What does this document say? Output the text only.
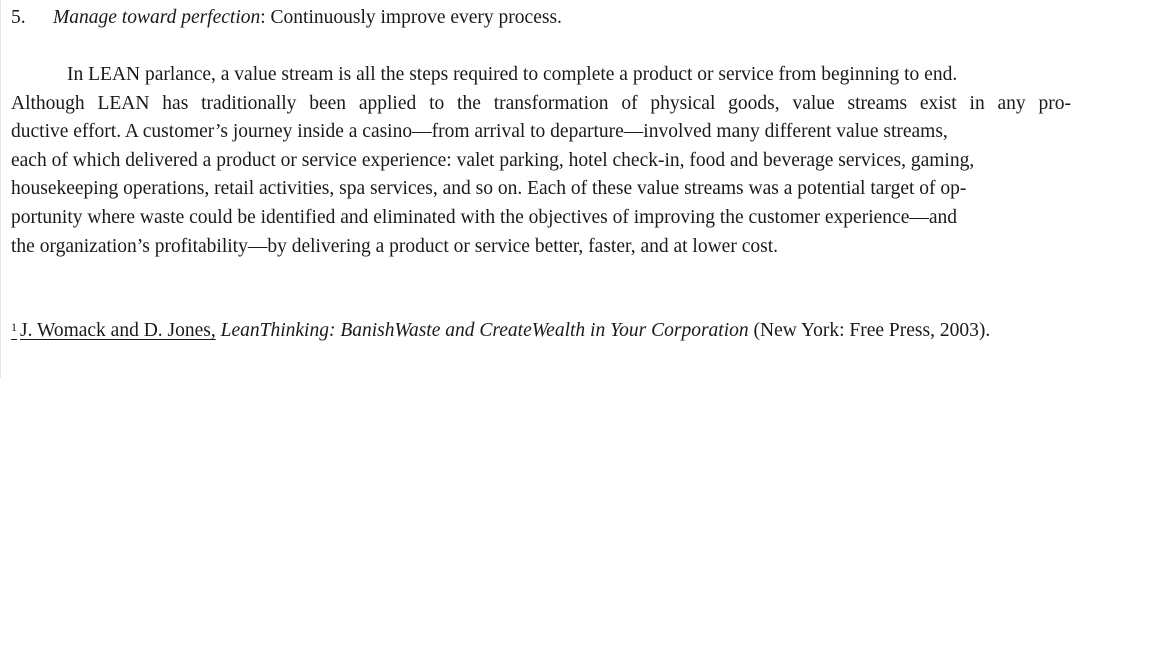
5. Manage toward perfection: Continuously improve every process.
In LEAN parlance, a value stream is all the steps required to complete a product or service from beginning to end.
Although LEAN has traditionally been applied to the transformation of physical goods, value streams exist in any pro-
ductive effort. A customer’s journey inside a casino—from arrival to departure—involved many different value streams,
each of which delivered a product or service experience: valet parking, hotel check-in, food and beverage services, gaming,
housekeeping operations, retail activities, spa services, and so on. Each of these value streams was a potential target of op-
portunity where waste could be identified and eliminated with the objectives of improving the customer experience—and
the organization’s profitability—by delivering a product or service better, faster, and at lower cost.
$^1$ J. Womack and D. Jones, LeanThinking: BanishWaste and CreateWealth in Your Corporation (New York: Free Press, 2003).
